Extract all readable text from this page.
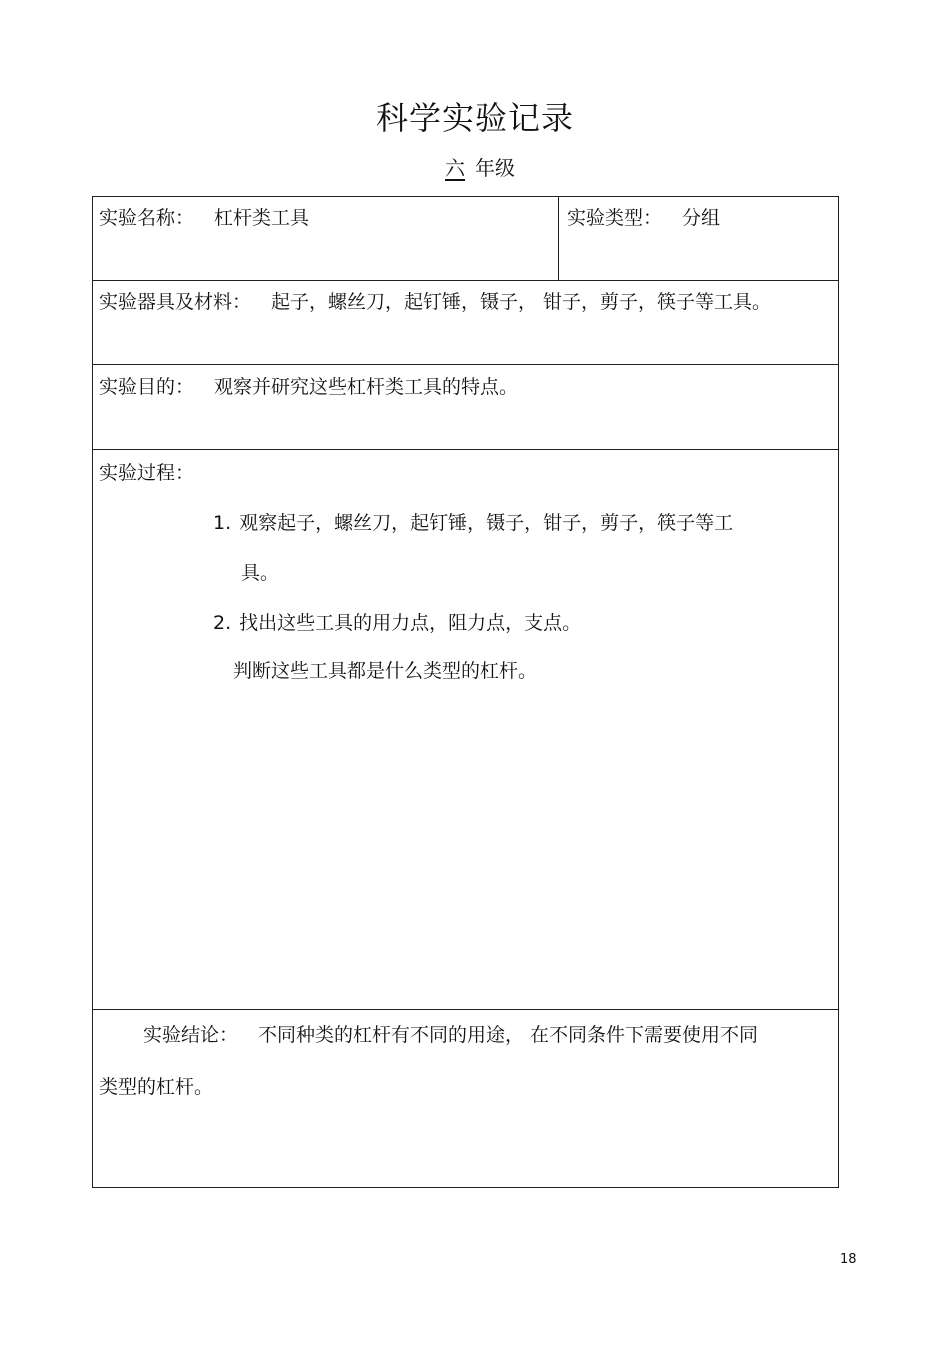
科学实验记录
六 年级
实验名称： 杠杆类工具	实验类型： 分组
实验器具及材料： 起子，螺丝刀，起钉锤，镊子， 钳子，剪子，筷子等工具。
实验目的： 观察并研究这些杠杆类工具的特点。
实验过程：
1. 观察起子，螺丝刀，起钉锤，镊子，钳子，剪子，筷子等工
具。
2. 找出这些工具的用力点，阻力点，支点。
判断这些工具都是什么类型的杠杆。
实验结论： 不同种类的杠杆有不同的用途， 在不同条件下需要使用不同
类型的杠杆。
18
